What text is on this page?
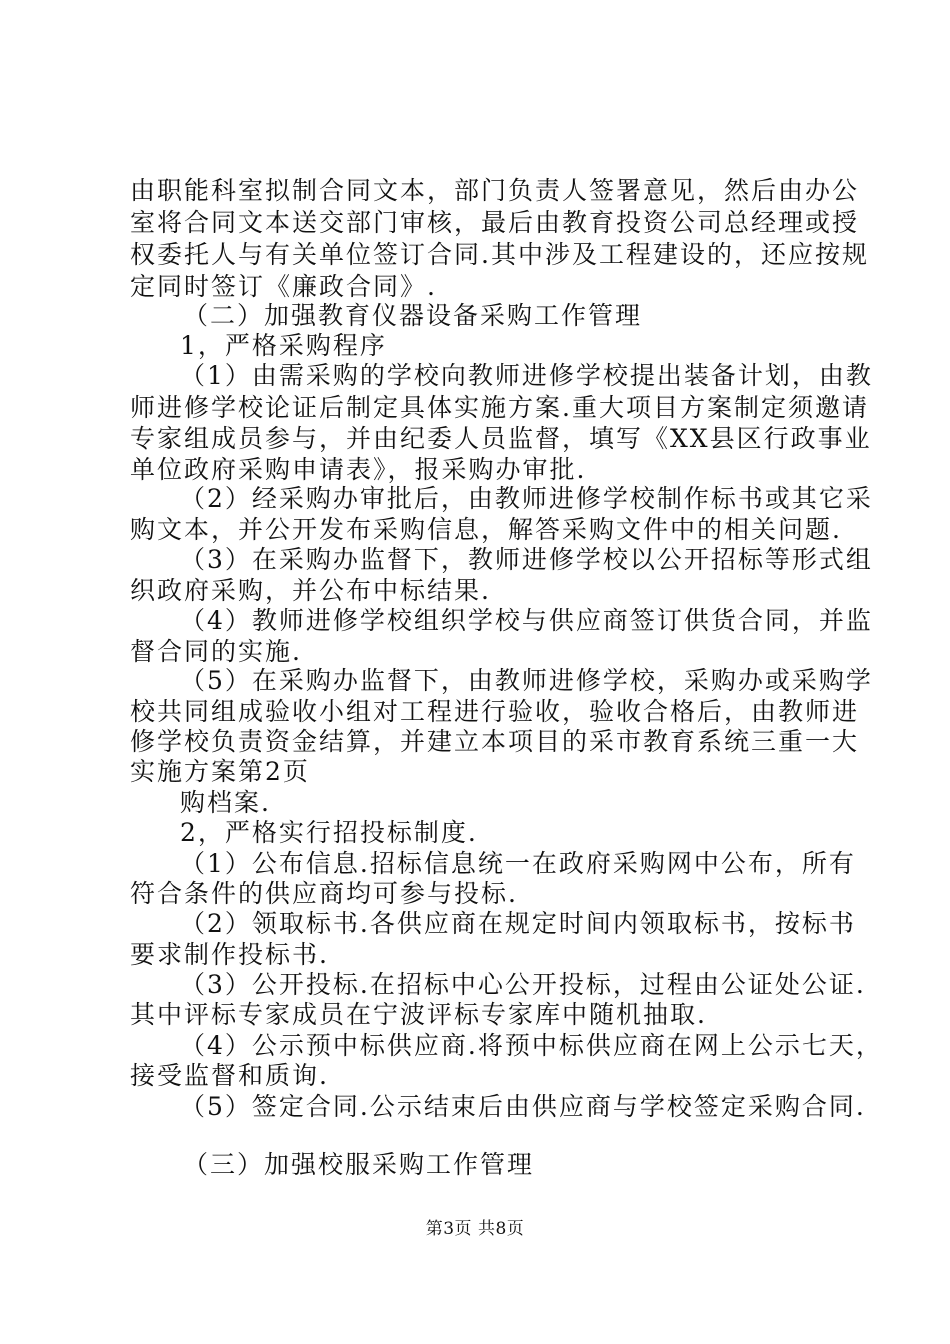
由职能科室拟制合同文本，部门负责人签署意见，然后由办公
室将合同文本送交部门审核，最后由教育投资公司总经理或授
权委托人与有关单位签订合同.其中涉及工程建设的，还应按规
定同时签订《廉政合同》.
（二）加强教育仪器设备采购工作管理
1，严格采购程序
（1）由需采购的学校向教师进修学校提出装备计划，由教
师进修学校论证后制定具体实施方案.重大项目方案制定须邀请
专家组成员参与，并由纪委人员监督，填写《XX县区行政事业
单位政府采购申请表》，报采购办审批.
（2）经采购办审批后，由教师进修学校制作标书或其它采
购文本，并公开发布采购信息，解答采购文件中的相关问题.
（3）在采购办监督下，教师进修学校以公开招标等形式组
织政府采购，并公布中标结果.
（4）教师进修学校组织学校与供应商签订供货合同，并监
督合同的实施.
（5）在采购办监督下，由教师进修学校，采购办或采购学
校共同组成验收小组对工程进行验收，验收合格后，由教师进
修学校负责资金结算，并建立本项目的采市教育系统三重一大
实施方案第2页
购档案.
2，严格实行招投标制度.
（1）公布信息.招标信息统一在政府采购网中公布，所有
符合条件的供应商均可参与投标.
（2）领取标书.各供应商在规定时间内领取标书，按标书
要求制作投标书.
（3）公开投标.在招标中心公开投标，过程由公证处公证.
其中评标专家成员在宁波评标专家库中随机抽取.
（4）公示预中标供应商.将预中标供应商在网上公示七天，
接受监督和质询.
（5）签定合同.公示结束后由供应商与学校签定采购合同.
（三）加强校服采购工作管理
第3页 共8页
